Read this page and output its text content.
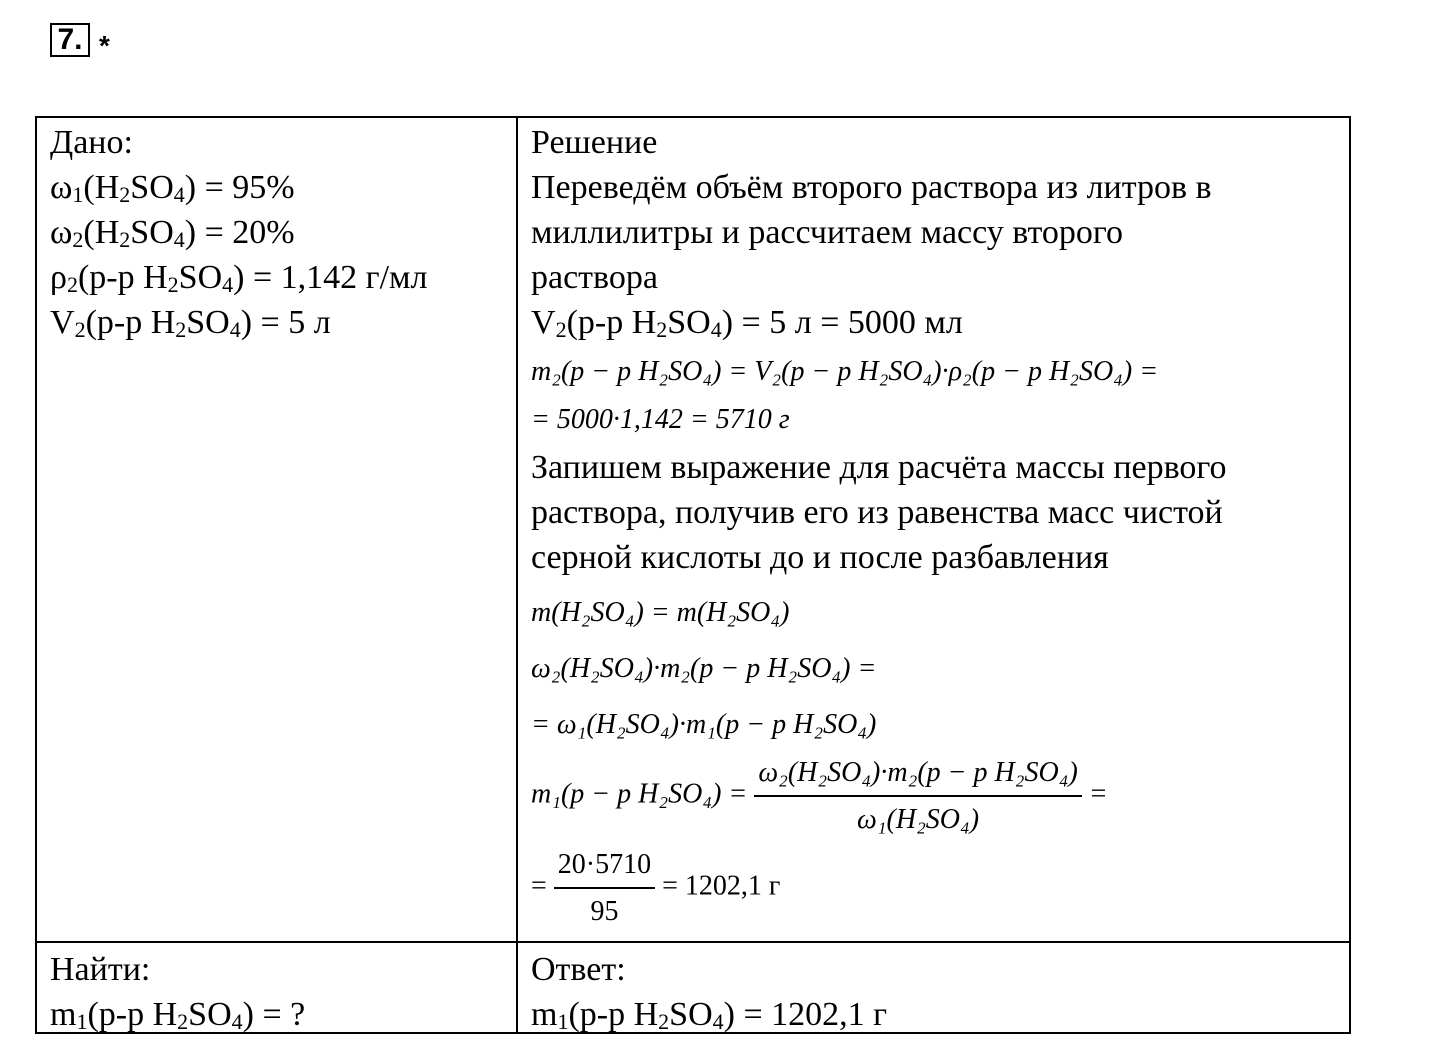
7. *
Дано:
$\omega_1(H_2SO_4) = 95\%$
$\omega_2(H_2SO_4) = 20\%$
$\rho_2(р-р$ $H_2SO_4) = 1,142$ г/мл
$V_2(р-р$ $H_2SO_4) = 5$ л
Решение
Переведём объём второго раствора из литров в
миллилитры и рассчитаем массу второго
раствора
$V_2(р-р$ $H_2SO_4) = 5$ л = 5000 мл
m₂(р − р H₂SO₄) = V₂(р − р H₂SO₄)·ρ₂(р − р H₂SO₄) =
= 5000·1,142 = 5710 г
Запишем выражение для расчёта массы первого
раствора, получив его из равенства масс чистой
серной кислоты до и после разбавления
m(H₂SO₄) = m(H₂SO₄)
ω₂(H₂SO₄)·m₂(р − р H₂SO₄) =
= ω₁(H₂SO₄)·m₁(р − р H₂SO₄)
m₁(р − р $H_2SO_4) = \frac{\text{ω₂(H₂SO₄)·m₂(р − р H₂SO₄)}}{\text{ω₁(H₂SO₄)}}$ =
= $\frac{20\cdot 5710}{95} = 1202,1$ г
Найти:
$m_1(р-р$ $H_2SO_4$) = ?
Ответ:
$m_1(р-р$ $H_2SO_4) = 1202,1$ г
